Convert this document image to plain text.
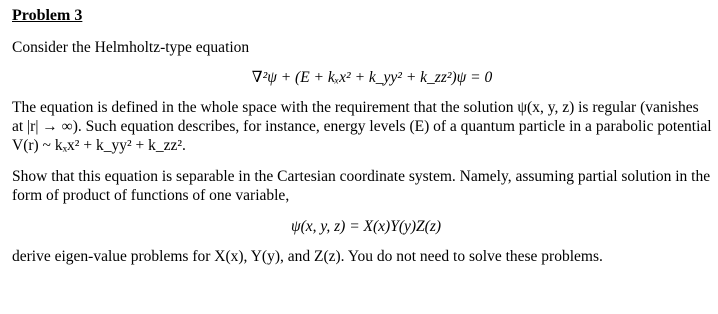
Problem 3

Consider the Helmholtz-type equation

∇²ψ + (E + kₓx² + k_yy² + k_zz²)ψ = 0

The equation is defined in the whole space with the requirement that the solution ψ(x, y, z) is regular (vanishes at |r| → ∞). Such equation describes, for instance, energy levels (E) of a quantum particle in a parabolic potential V(r) ~ kₓx² + k_yy² + k_zz².

Show that this equation is separable in the Cartesian coordinate system. Namely, assuming partial solution in the form of product of functions of one variable,

ψ(x, y, z) = X(x)Y(y)Z(z)

derive eigen-value problems for X(x), Y(y), and Z(z). You do not need to solve these problems.
